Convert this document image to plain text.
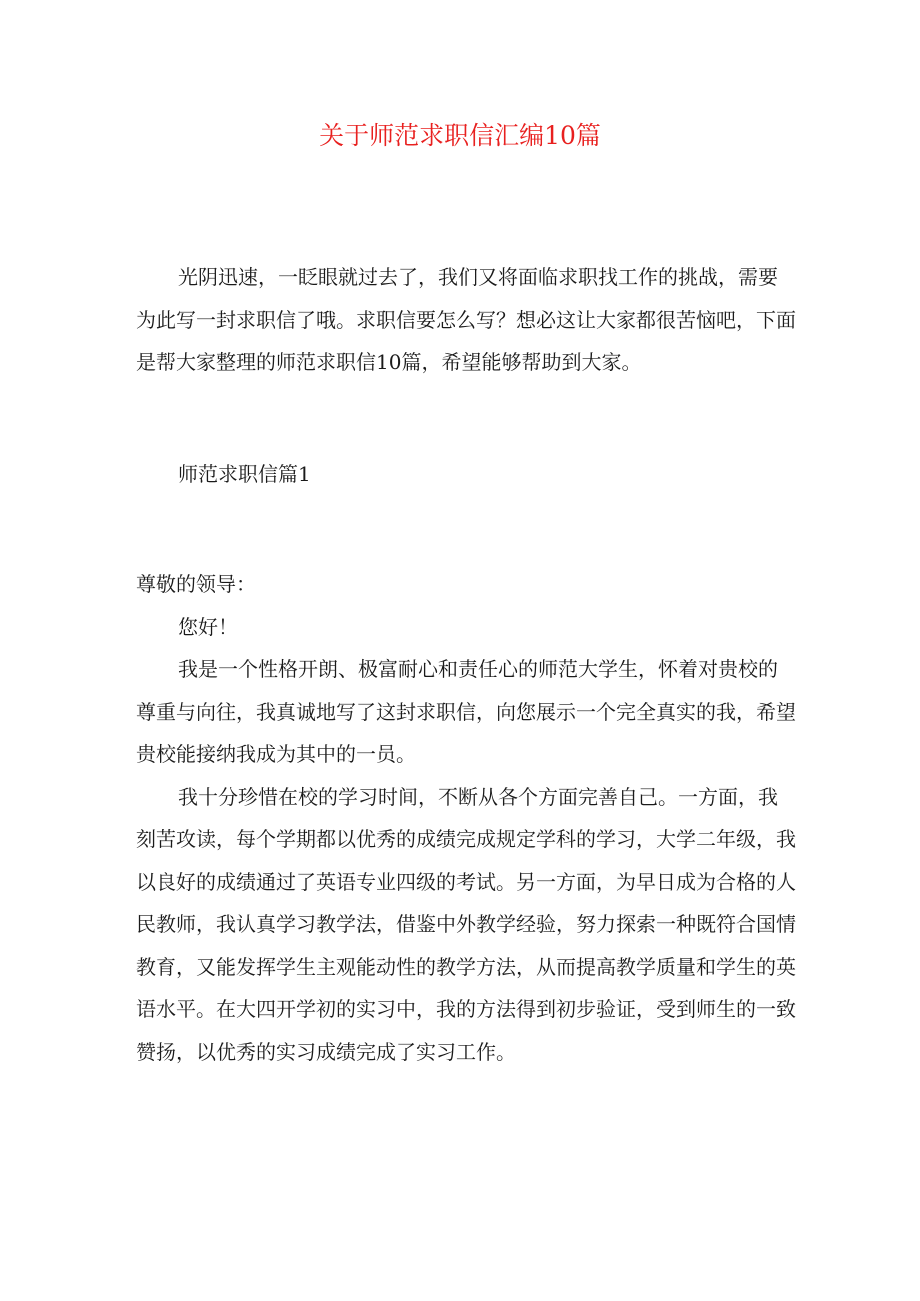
关于师范求职信汇编10篇

光阴迅速，一眨眼就过去了，我们又将面临求职找工作的挑战，需要为此写一封求职信了哦。求职信要怎么写？想必这让大家都很苦恼吧，下面是帮大家整理的师范求职信10篇，希望能够帮助到大家。

师范求职信篇1

尊敬的领导：

您好！

我是一个性格开朗、极富耐心和责任心的师范大学生，怀着对贵校的尊重与向往，我真诚地写了这封求职信，向您展示一个完全真实的我，希望贵校能接纳我成为其中的一员。

我十分珍惜在校的学习时间，不断从各个方面完善自己。一方面，我刻苦攻读，每个学期都以优秀的成绩完成规定学科的学习，大学二年级，我以良好的成绩通过了英语专业四级的考试。另一方面，为早日成为合格的人民教师，我认真学习教学法，借鉴中外教学经验，努力探索一种既符合国情教育，又能发挥学生主观能动性的教学方法，从而提高教学质量和学生的英语水平。在大四开学初的实习中，我的方法得到初步验证，受到师生的一致赞扬，以优秀的实习成绩完成了实习工作。
